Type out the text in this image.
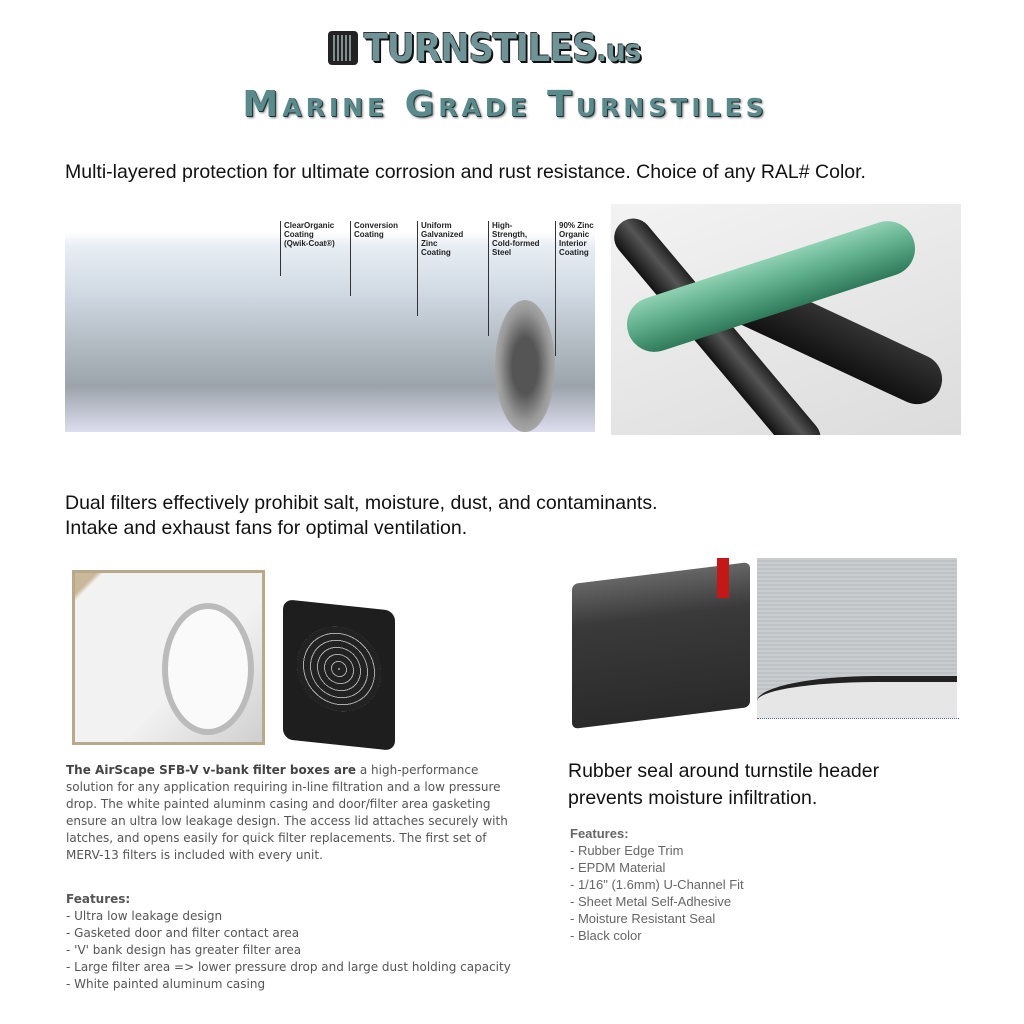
TURNSTILES.us
Marine Grade Turnstiles
Multi-layered protection for ultimate corrosion and rust resistance. Choice of any RAL# Color.
ClearOrganic
Coating
(Qwik-Coat®)
Conversion
Coating
Uniform
Galvanized
Zinc
Coating
High-
Strength,
Cold-formed
Steel
90% Zinc
Organic
Interior
Coating
Dual filters effectively prohibit salt, moisture, dust, and contaminants.
Intake and exhaust fans for optimal ventilation.
The AirScape SFB-V v-bank filter boxes are a high-performance solution for any application requiring in-line filtration and a low pressure drop. The white painted aluminm casing and door/filter area gasketing ensure an ultra low leakage design. The access lid attaches securely with latches, and opens easily for quick filter replacements. The first set of MERV-13 filters is included with every unit.
Features:
- Ultra low leakage design
- Gasketed door and filter contact area
- 'V' bank design has greater filter area
- Large filter area => lower pressure drop and large dust holding capacity
- White painted aluminum casing
Rubber seal around turnstile header
prevents moisture infiltration.
Features:
- Rubber Edge Trim
- EPDM Material
- 1/16" (1.6mm) U-Channel Fit
- Sheet Metal Self-Adhesive
- Moisture Resistant Seal
- Black color
